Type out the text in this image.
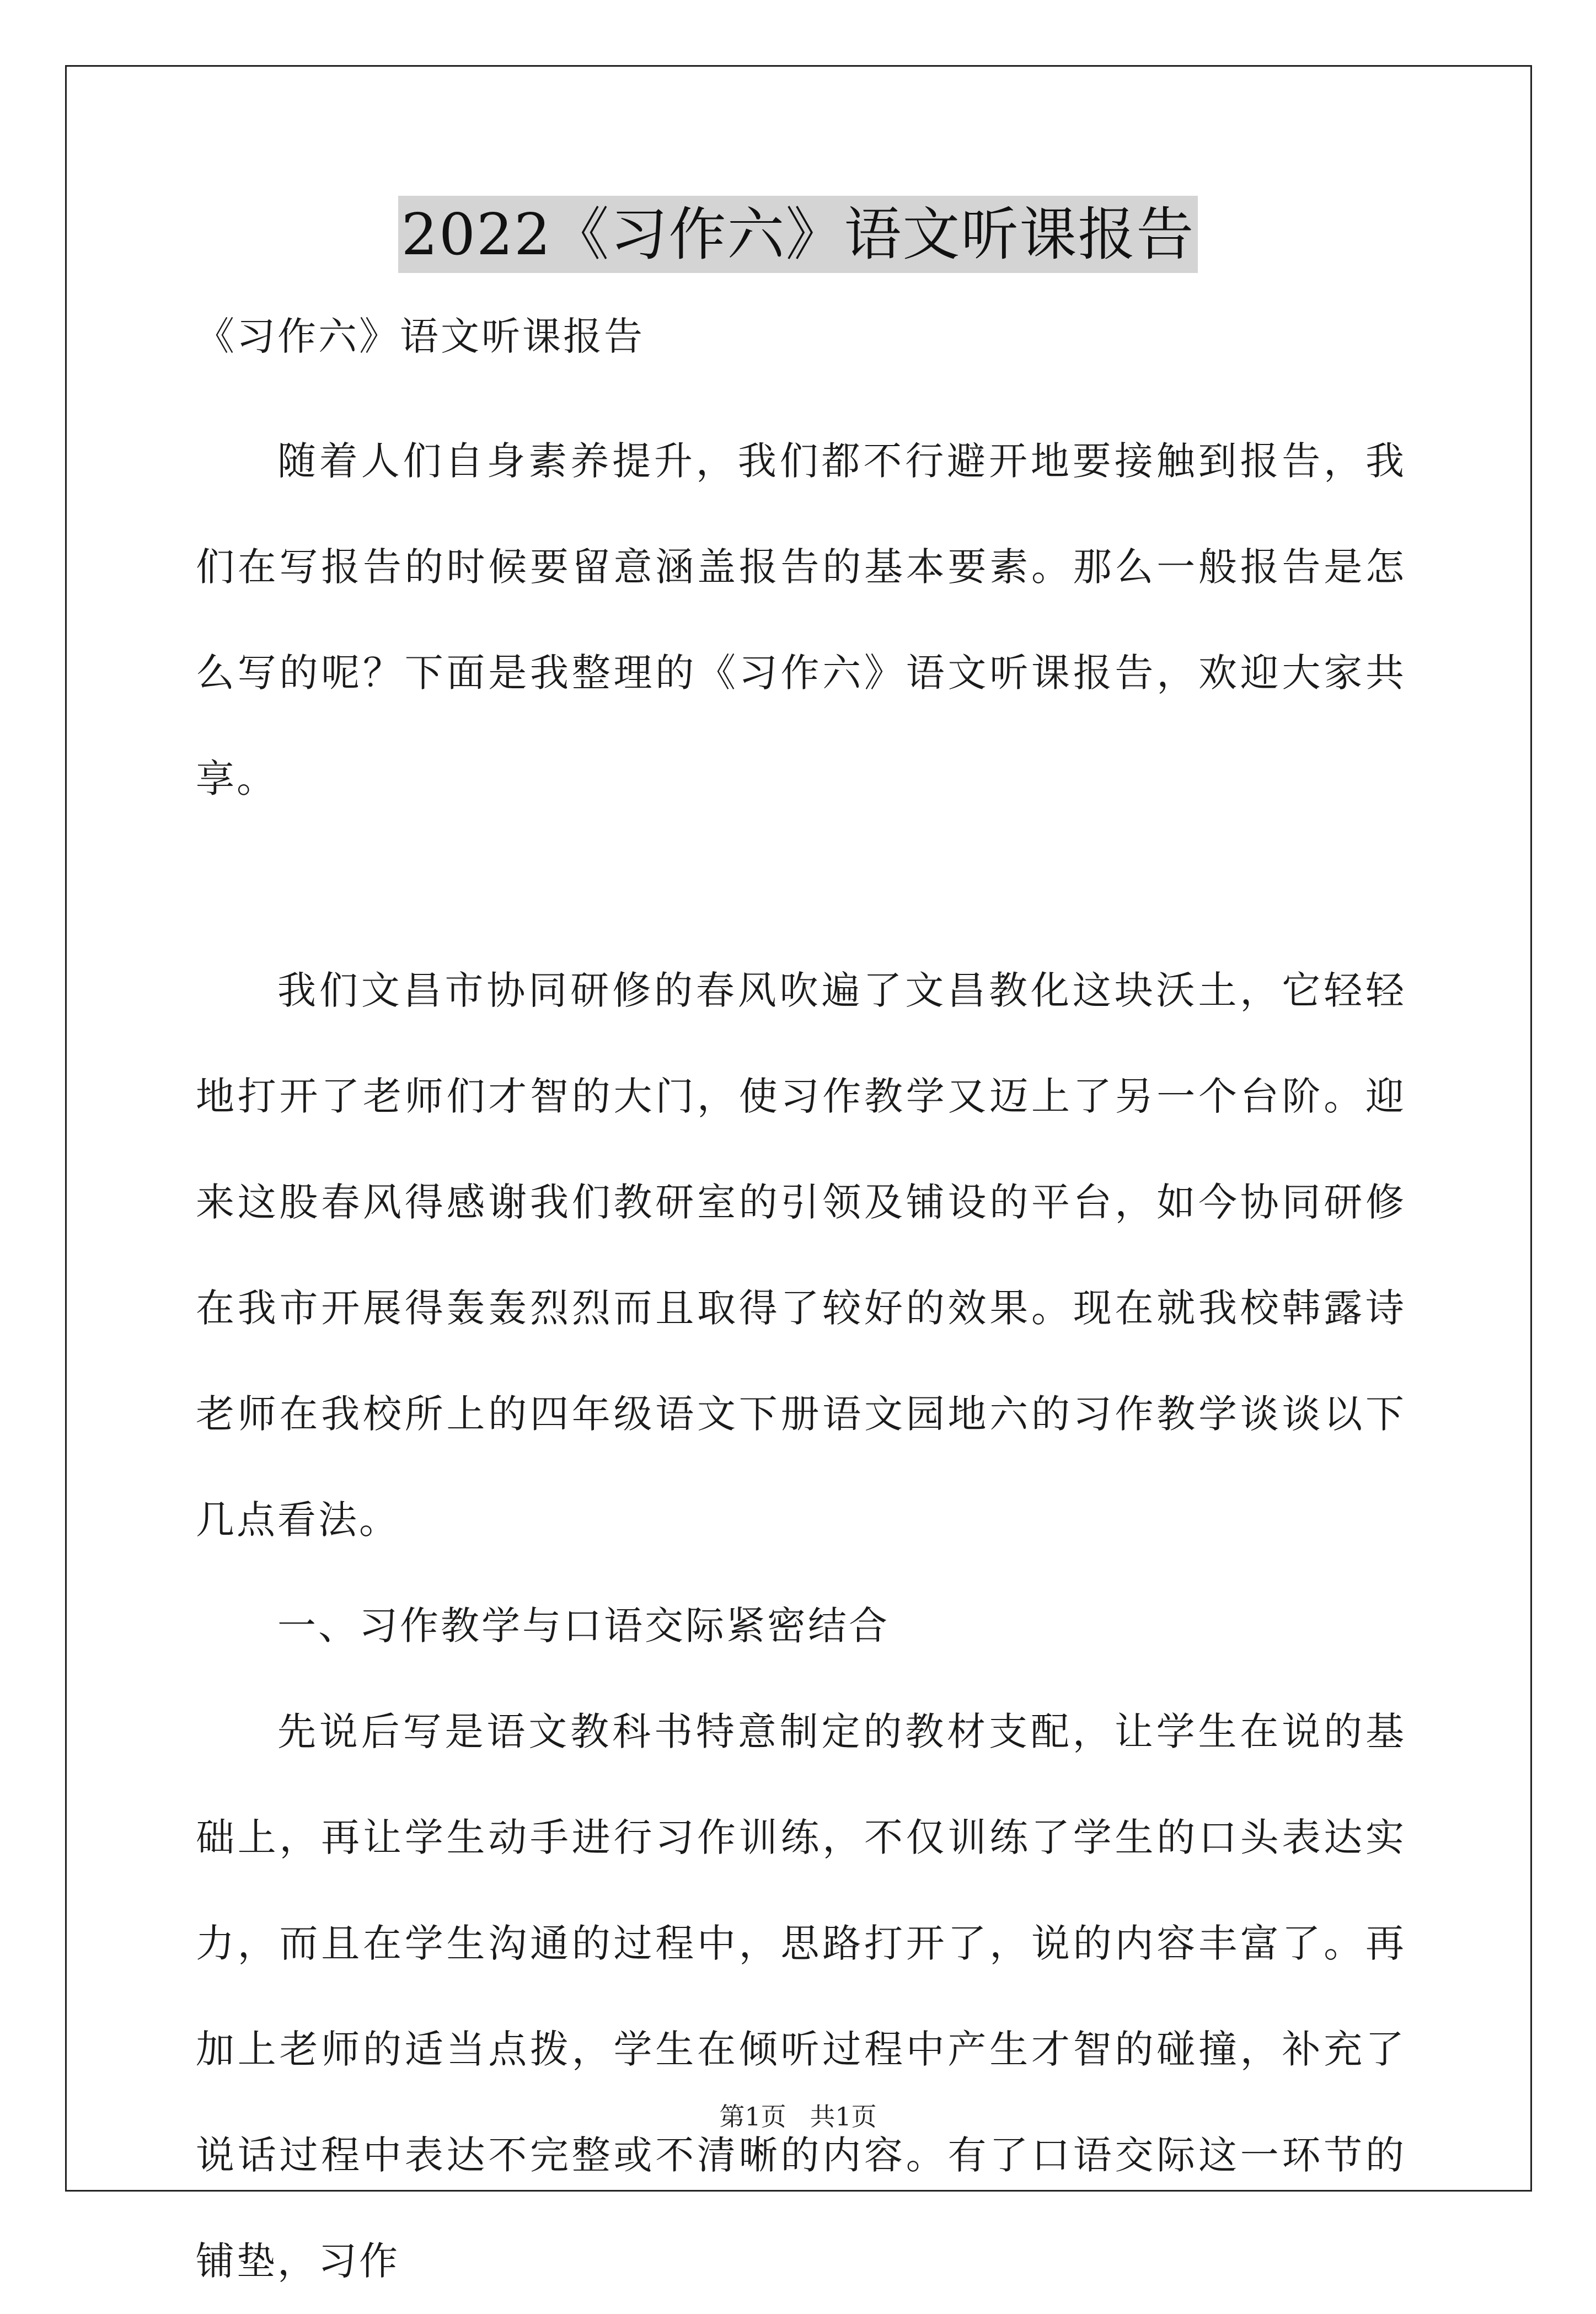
2022《习作六》语文听课报告

《习作六》语文听课报告

随着人们自身素养提升，我们都不行避开地要接触到报告，我们在写报告的时候要留意涵盖报告的基本要素。那么一般报告是怎么写的呢？下面是我整理的《习作六》语文听课报告，欢迎大家共享。

我们文昌市协同研修的春风吹遍了文昌教化这块沃土，它轻轻地打开了老师们才智的大门，使习作教学又迈上了另一个台阶。迎来这股春风得感谢我们教研室的引领及铺设的平台，如今协同研修在我市开展得轰轰烈烈而且取得了较好的效果。现在就我校韩露诗老师在我校所上的四年级语文下册语文园地六的习作教学谈谈以下几点看法。

一、习作教学与口语交际紧密结合

先说后写是语文教科书特意制定的教材支配，让学生在说的基础上，再让学生动手进行习作训练，不仅训练了学生的口头表达实力，而且在学生沟通的过程中，思路打开了，说的内容丰富了。再加上老师的适当点拨，学生在倾听过程中产生才智的碰撞，补充了说话过程中表达不完整或不清晰的内容。有了口语交际这一环节的铺垫，习作

第1页 共1页
